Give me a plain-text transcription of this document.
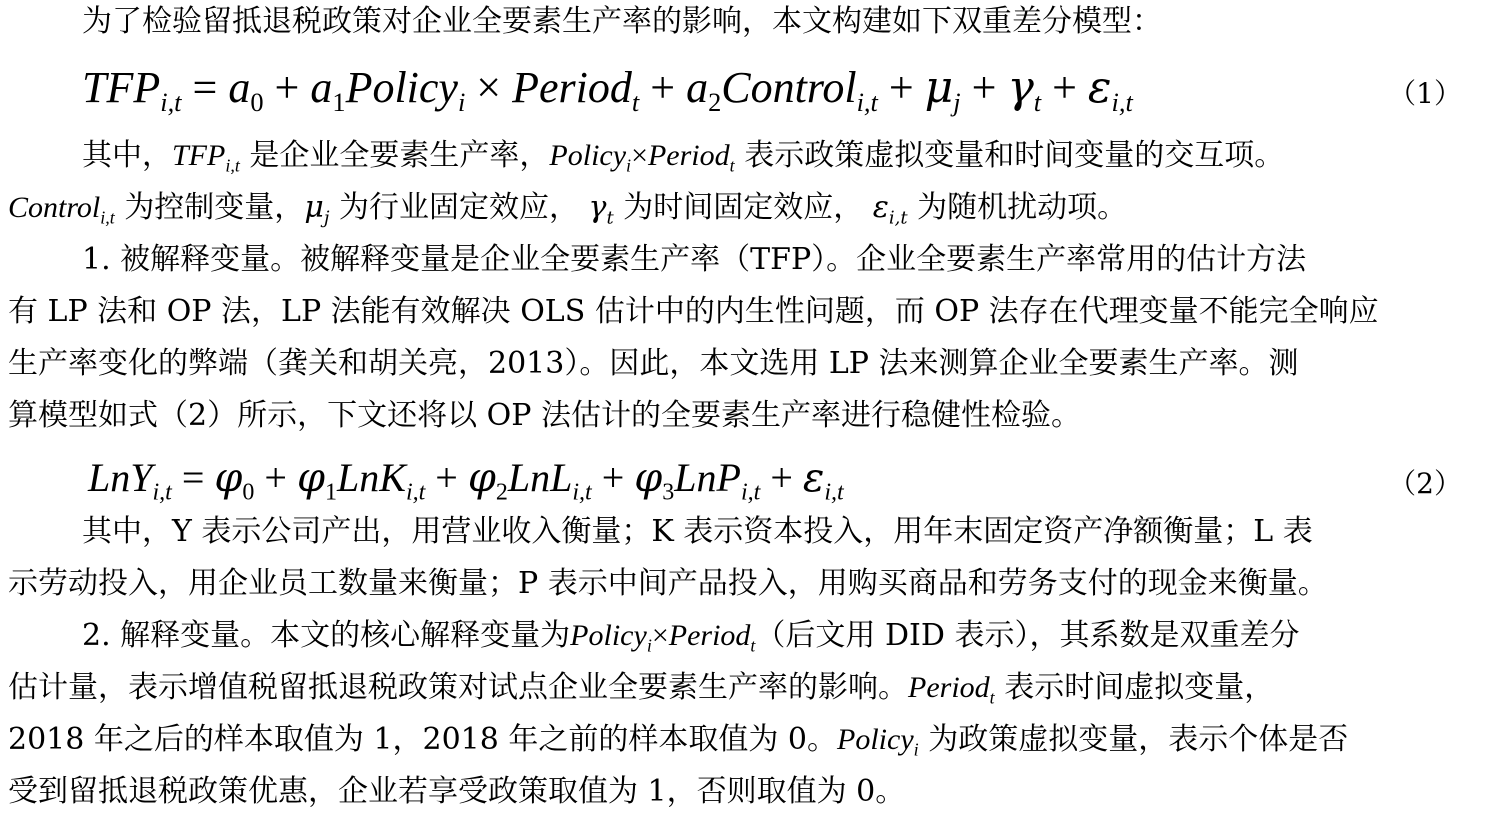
为了检验留抵退税政策对企业全要素生产率的影响，本文构建如下双重差分模型：
$TFP_{i,t} = a_0$ + $a_1Policy_i$ × Period$_t$ + $a_2Control_{i,t} + \mu_j + \gamma_t + \varepsilon_{i,t}$	（1）
其中，$TFP_{i,t}$ 是企业全要素生产率，Policy$_i$×Period$_t$ 表示政策虚拟变量和时间变量的交互项。
Control$_{i,t}$ 为控制变量，$\mu_j$ 为行业固定效应， $\gamma_t$ 为时间固定效应， $\varepsilon_{i,t}$ 为随机扰动项。
1. 被解释变量。被解释变量是企业全要素生产率（TFP）。企业全要素生产率常用的估计方法
有 LP 法和 OP 法，LP 法能有效解决 OLS 估计中的内生性问题，而 OP 法存在代理变量不能完全响应
生产率变化的弊端（龚关和胡关亮，2013）。因此，本文选用 LP 法来测算企业全要素生产率。测
算模型如式（2）所示，下文还将以 OP 法估计的全要素生产率进行稳健性检验。
$LnY_{i,t} = \varphi_0 + \varphi_1LnK_{i,t} + \varphi_2LnL_{i,t} + \varphi_3LnP_{i,t} + \varepsilon_{i,t}$	（2）
其中，Y 表示公司产出，用营业收入衡量；K 表示资本投入，用年末固定资产净额衡量；L 表
示劳动投入，用企业员工数量来衡量；P 表示中间产品投入，用购买商品和劳务支付的现金来衡量。
2. 解释变量。本文的核心解释变量为Policy$_i$×Period$_t$（后文用 DID 表示），其系数是双重差分
估计量，表示增值税留抵退税政策对试点企业全要素生产率的影响。Period$_t$ 表示时间虚拟变量，
2018 年之后的样本取值为 1，2018 年之前的样本取值为 0。Policy$_i$ 为政策虚拟变量，表示个体是否
受到留抵退税政策优惠，企业若享受政策取值为 1，否则取值为 0。
